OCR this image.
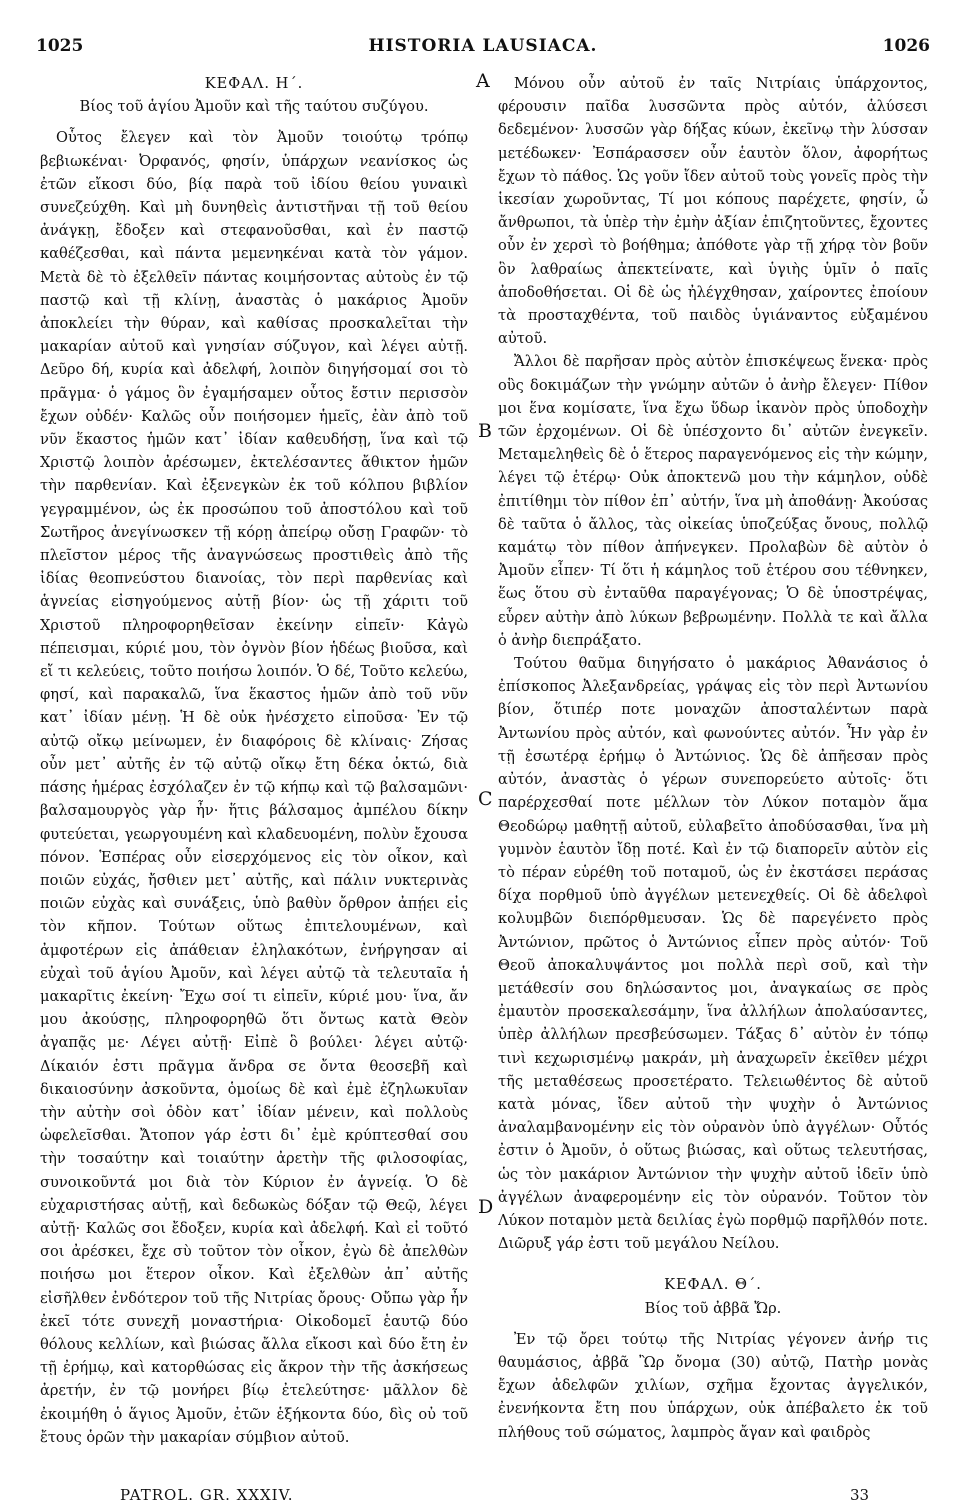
1025	HISTORIA LAUSIACA.	1026
A
B
C
D

ΚΕΦΑΛ. Η΄.

Βίος τοῦ ἁγίου Ἀμοῦν καὶ τῆς ταύτου συζύγου.

Οὗτος ἔλεγεν καὶ τὸν Ἀμοῦν τοιούτῳ τρόπῳ βεβιωκέναι· Ὀρφανός, φησίν, ὑπάρχων νεανίσκος ὡς ἐτῶν εἴκοσι δύο, βίᾳ παρὰ τοῦ ἰδίου θείου γυναικὶ συνεζεύχθη. Καὶ μὴ δυνηθεὶς ἀντιστῆναι τῇ τοῦ θείου ἀνάγκῃ, ἔδοξεν καὶ στεφανοῦσθαι, καὶ ἐν παστῷ καθέζεσθαι, καὶ πάντα μεμενηκέναι κατὰ τὸν γάμον. Μετὰ δὲ τὸ ἐξελθεῖν πάντας κοιμήσοντας αὐτοὺς ἐν τῷ παστῷ καὶ τῇ κλίνῃ, ἀναστὰς ὁ μακάριος Ἀμοῦν ἀποκλείει τὴν θύραν, καὶ καθίσας προσκαλεῖται τὴν μακαρίαν αὐτοῦ καὶ γνησίαν σύζυγον, καὶ λέγει αὐτῇ. Δεῦρο δή, κυρία καὶ ἀδελφή, λοιπὸν διηγήσομαί σοι τὸ πρᾶγμα· ὁ γάμος ὃν ἐγαμήσαμεν οὗτος ἔστιν περισσὸν ἔχων οὐδέν· Καλῶς οὖν ποιήσομεν ἡμεῖς, ἐὰν ἀπὸ τοῦ νῦν ἕκαστος ἡμῶν κατ᾽ ἰδίαν καθευδήσῃ, ἵνα καὶ τῷ Χριστῷ λοιπὸν ἀρέσωμεν, ἐκτελέσαντες ἄθικτον ἡμῶν τὴν παρθενίαν. Καὶ ἐξενεγκὼν ἐκ τοῦ κόλπου βιβλίον γεγραμμένον, ὡς ἐκ προσώπου τοῦ ἀποστόλου καὶ τοῦ Σωτῆρος ἀνεγίνωσκεν τῇ κόρῃ ἀπείρῳ οὔσῃ Γραφῶν· τὸ πλεῖστον μέρος τῆς ἀναγνώσεως προστιθεὶς ἀπὸ τῆς ἰδίας θεοπνεύστου διανοίας, τὸν περὶ παρθενίας καὶ ἁγνείας εἰσηγούμενος αὐτῇ βίον· ὡς τῇ χάριτι τοῦ Χριστοῦ πληροφορηθεῖσαν ἐκείνην εἰπεῖν· Κἀγὼ πέπεισμαι, κύριέ μου, τὸν ὀγνὸν βίον ἡδέως βιοῦσα, καὶ εἴ τι κελεύεις, τοῦτο ποιήσω λοιπόν. Ὁ δέ, Τοῦτο κελεύω, φησί, καὶ παρακαλῶ, ἵνα ἕκαστος ἡμῶν ἀπὸ τοῦ νῦν κατ᾽ ἰδίαν μένῃ. Ἡ δὲ οὐκ ἠνέσχετο εἰποῦσα· Ἐν τῷ αὐτῷ οἴκῳ μείνωμεν, ἐν διαφόροις δὲ κλίναις· Ζήσας οὖν μετ᾽ αὐτῆς ἐν τῷ αὐτῷ οἴκῳ ἔτη δέκα ὀκτώ, διὰ πάσης ἡμέρας ἐσχόλαζεν ἐν τῷ κήπῳ καὶ τῷ βαλσαμῶνι· βαλσαμουργὸς γὰρ ἦν· ἥτις βάλσαμος ἀμπέλου δίκην φυτεύεται, γεωργουμένη καὶ κλαδευομένη, πολὺν ἔχουσα πόνον. Ἑσπέρας οὖν εἰσερχόμενος εἰς τὸν οἶκον, καὶ ποιῶν εὐχάς, ἤσθιεν μετ᾽ αὐτῆς, καὶ πάλιν νυκτερινὰς ποιῶν εὐχὰς καὶ συνάξεις, ὑπὸ βαθὺν ὄρθρον ἀπῄει εἰς τὸν κῆπον. Τούτων οὕτως ἐπιτελουμένων, καὶ ἀμφοτέρων εἰς ἀπάθειαν ἐληλακότων, ἐνήργησαν αἱ εὐχαὶ τοῦ ἁγίου Ἀμοῦν, καὶ λέγει αὐτῷ τὰ τελευταῖα ἡ μακαρῖτις ἐκείνη· Ἔχω σοί τι εἰπεῖν, κύριέ μου· ἵνα, ἄν μου ἀκούσῃς, πληροφορηθῶ ὅτι ὄντως κατὰ Θεὸν ἀγαπᾷς με· Λέγει αὐτῇ· Εἰπὲ ὃ βούλει· λέγει αὐτῷ· Δίκαιόν ἐστι πρᾶγμα ἄνδρα σε ὄντα θεοσεβῆ καὶ δικαιοσύνην ἀσκοῦντα, ὁμοίως δὲ καὶ ἐμὲ ἐζηλωκυῖαν τὴν αὐτὴν σοὶ ὁδὸν κατ᾽ ἰδίαν μένειν, καὶ πολλοὺς ὠφελεῖσθαι. Ἄτοπον γάρ ἐστι δι᾽ ἐμὲ κρύπτεσθαί σου τὴν τοσαύτην καὶ τοιαύτην ἀρετὴν τῆς φιλοσοφίας, συνοικοῦντά μοι διὰ τὸν Κύριον ἐν ἁγνείᾳ. Ὁ δὲ εὐχαριστήσας αὐτῇ, καὶ δεδωκὼς δόξαν τῷ Θεῷ, λέγει αὐτῇ· Καλῶς σοι ἔδοξεν, κυρία καὶ ἀδελφή. Καὶ εἰ τοῦτό σοι ἀρέσκει, ἔχε σὺ τοῦτον τὸν οἶκον, ἐγὼ δὲ ἀπελθὼν ποιήσω μοι ἕτερον οἶκον. Καὶ ἐξελθὼν ἀπ᾽ αὐτῆς εἰσῆλθεν ἐνδότερον τοῦ τῆς Νιτρίας ὄρους· Οὔπω γὰρ ἦν ἐκεῖ τότε συνεχῆ μοναστήρια· Οἰκοδομεῖ ἑαυτῷ δύο θόλους κελλίων, καὶ βιώσας ἄλλα εἴκοσι καὶ δύο ἔτη ἐν τῇ ἐρήμῳ, καὶ κατορθώσας εἰς ἄκρον τὴν τῆς ἀσκήσεως ἀρετήν, ἐν τῷ μονήρει βίῳ ἐτελεύτησε· μᾶλλον δὲ ἐκοιμήθη ὁ ἅγιος Ἀμοῦν, ἐτῶν ἑξήκοντα δύο, δὶς οὐ τοῦ ἔτους ὁρῶν τὴν μακαρίαν σύμβιον αὐτοῦ.

Μόνου οὖν αὐτοῦ ἐν ταῖς Νιτρίαις ὑπάρχοντος, φέρουσιν παῖδα λυσσῶντα πρὸς αὐτόν, ἁλύσεσι δεδεμένον· λυσσῶν γὰρ δήξας κύων, ἐκεῖνῳ τὴν λύσσαν μετέδωκεν· Ἐσπάρασσεν οὖν ἑαυτὸν ὅλον, ἀφορήτως ἔχων τὸ πάθος. Ὡς γοῦν ἴδεν αὐτοῦ τοὺς γονεῖς πρὸς τὴν ἱκεσίαν χωροῦντας, Τί μοι κόπους παρέχετε, φησίν, ὦ ἄνθρωποι, τὰ ὑπὲρ τὴν ἐμὴν ἀξίαν ἐπιζητοῦντες, ἔχοντες οὖν ἐν χερσὶ τὸ βοήθημα; ἀπόθοτε γὰρ τῇ χήρᾳ τὸν βοῦν ὃν λαθραίως ἀπεκτείνατε, καὶ ὑγιὴς ὑμῖν ὁ παῖς ἀποδοθήσεται. Οἱ δὲ ὡς ἠλέγχθησαν, χαίροντες ἐποίουν τὰ προσταχθέντα, τοῦ παιδὸς ὑγιάναντος εὐξαμένου αὐτοῦ.

Ἄλλοι δὲ παρῆσαν πρὸς αὐτὸν ἐπισκέψεως ἕνεκα· πρὸς οὓς δοκιμάζων τὴν γνώμην αὐτῶν ὁ ἀνὴρ ἔλεγεν· Πίθον μοι ἕνα κομίσατε, ἵνα ἔχω ὕδωρ ἱκανὸν πρὸς ὑποδοχὴν τῶν ἐρχομένων. Οἱ δὲ ὑπέσχοντο δι᾽ αὐτῶν ἐνεγκεῖν. Μεταμεληθεὶς δὲ ὁ ἕτερος παραγενόμενος εἰς τὴν κώμην, λέγει τῷ ἑτέρῳ· Οὐκ ἀποκτενῶ μου τὴν κάμηλον, οὐδὲ ἐπιτίθημι τὸν πίθον ἐπ᾽ αὐτήν, ἵνα μὴ ἀποθάνῃ· Ἀκούσας δὲ ταῦτα ὁ ἄλλος, τὰς οἰκείας ὑποζεύξας ὄνους, πολλῷ καμάτῳ τὸν πίθον ἀπήνεγκεν. Προλαβὼν δὲ αὐτὸν ὁ Ἀμοῦν εἶπεν· Τί ὅτι ἡ κάμηλος τοῦ ἑτέρου σου τέθνηκεν, ἕως ὅτου σὺ ἐνταῦθα παραγέγονας; Ὁ δὲ ὑποστρέψας, εὗρεν αὐτὴν ἀπὸ λύκων βεβρωμένην. Πολλὰ τε καὶ ἄλλα ὁ ἀνὴρ διεπράξατο.

Τούτου θαῦμα διηγήσατο ὁ μακάριος Ἀθανάσιος ὁ ἐπίσκοπος Ἀλεξανδρείας, γράψας εἰς τὸν περὶ Ἀντωνίου βίον, ὅτιπέρ ποτε μοναχῶν ἀποσταλέντων παρὰ Ἀντωνίου πρὸς αὐτόν, καὶ φωνούντες αὐτόν. Ἦν γὰρ ἐν τῇ ἐσωτέρᾳ ἐρήμῳ ὁ Ἀντώνιος. Ὡς δὲ ἀπῆεσαν πρὸς αὐτόν, ἀναστὰς ὁ γέρων συνεπορεύετο αὐτοῖς· ὅτι παρέρχεσθαί ποτε μέλλων τὸν Λύκον ποταμὸν ἅμα Θεοδώρῳ μαθητῇ αὐτοῦ, εὐλαβεῖτο ἀποδύσασθαι, ἵνα μὴ γυμνὸν ἑαυτὸν ἴδῃ ποτέ. Καὶ ἐν τῷ διαπορεῖν αὐτὸν εἰς τὸ πέραν εὑρέθη τοῦ ποταμοῦ, ὡς ἐν ἐκστάσει περάσας δίχα πορθμοῦ ὑπὸ ἀγγέλων μετενεχθείς. Οἱ δὲ ἀδελφοὶ κολυμβῶν διεπόρθμευσαν. Ὡς δὲ παρεγένετο πρὸς Ἀντώνιον, πρῶτος ὁ Ἀντώνιος εἶπεν πρὸς αὐτόν· Τοῦ Θεοῦ ἀποκαλυψάντος μοι πολλὰ περὶ σοῦ, καὶ τὴν μετάθεσίν σου δηλώσαντος μοι, ἀναγκαίως σε πρὸς ἐμαυτὸν προσεκαλεσάμην, ἵνα ἀλλήλων ἀπολαύσαντες, ὑπὲρ ἀλλήλων πρεσβεύσωμεν. Τάξας δ᾽ αὐτὸν ἐν τόπῳ τινὶ κεχωρισμένῳ μακράν, μὴ ἀναχωρεῖν ἐκεῖθεν μέχρι τῆς μεταθέσεως προσετέρατο. Τελειωθέντος δὲ αὐτοῦ κατὰ μόνας, ἴδεν αὐτοῦ τὴν ψυχὴν ὁ Ἀντώνιος ἀναλαμβανομένην εἰς τὸν οὐρανὸν ὑπὸ ἀγγέλων· Οὗτός ἐστιν ὁ Ἀμοῦν, ὁ οὕτως βιώσας, καὶ οὕτως τελευτήσας, ὡς τὸν μακάριον Ἀντώνιον τὴν ψυχὴν αὐτοῦ ἰδεῖν ὑπὸ ἀγγέλων ἀναφερομένην εἰς τὸν οὐρανόν. Τοῦτον τὸν Λύκον ποταμὸν μετὰ δειλίας ἐγὼ πορθμῷ παρῆλθόν ποτε. Διῶρυξ γάρ ἐστι τοῦ μεγάλου Νείλου.

ΚΕΦΑΛ. Θ΄.

Βίος τοῦ ἀββᾶ Ὤρ.

Ἐν τῷ ὄρει τούτῳ τῆς Νιτρίας γέγονεν ἀνήρ τις θαυμάσιος, ἀββᾶ Ὢρ ὄνομα (30) αὐτῷ, Πατὴρ μονὰς ἔχων ἀδελφῶν χιλίων, σχῆμα ἔχοντας ἀγγελικόν, ἐνενήκοντα ἔτη που ὑπάρχων, οὐκ ἀπέβαλετο ἐκ τοῦ πλήθους τοῦ σώματος, λαμπρὸς ἄγαν καὶ φαιδρὸς

PATROL. GR. XXXIV.	33
